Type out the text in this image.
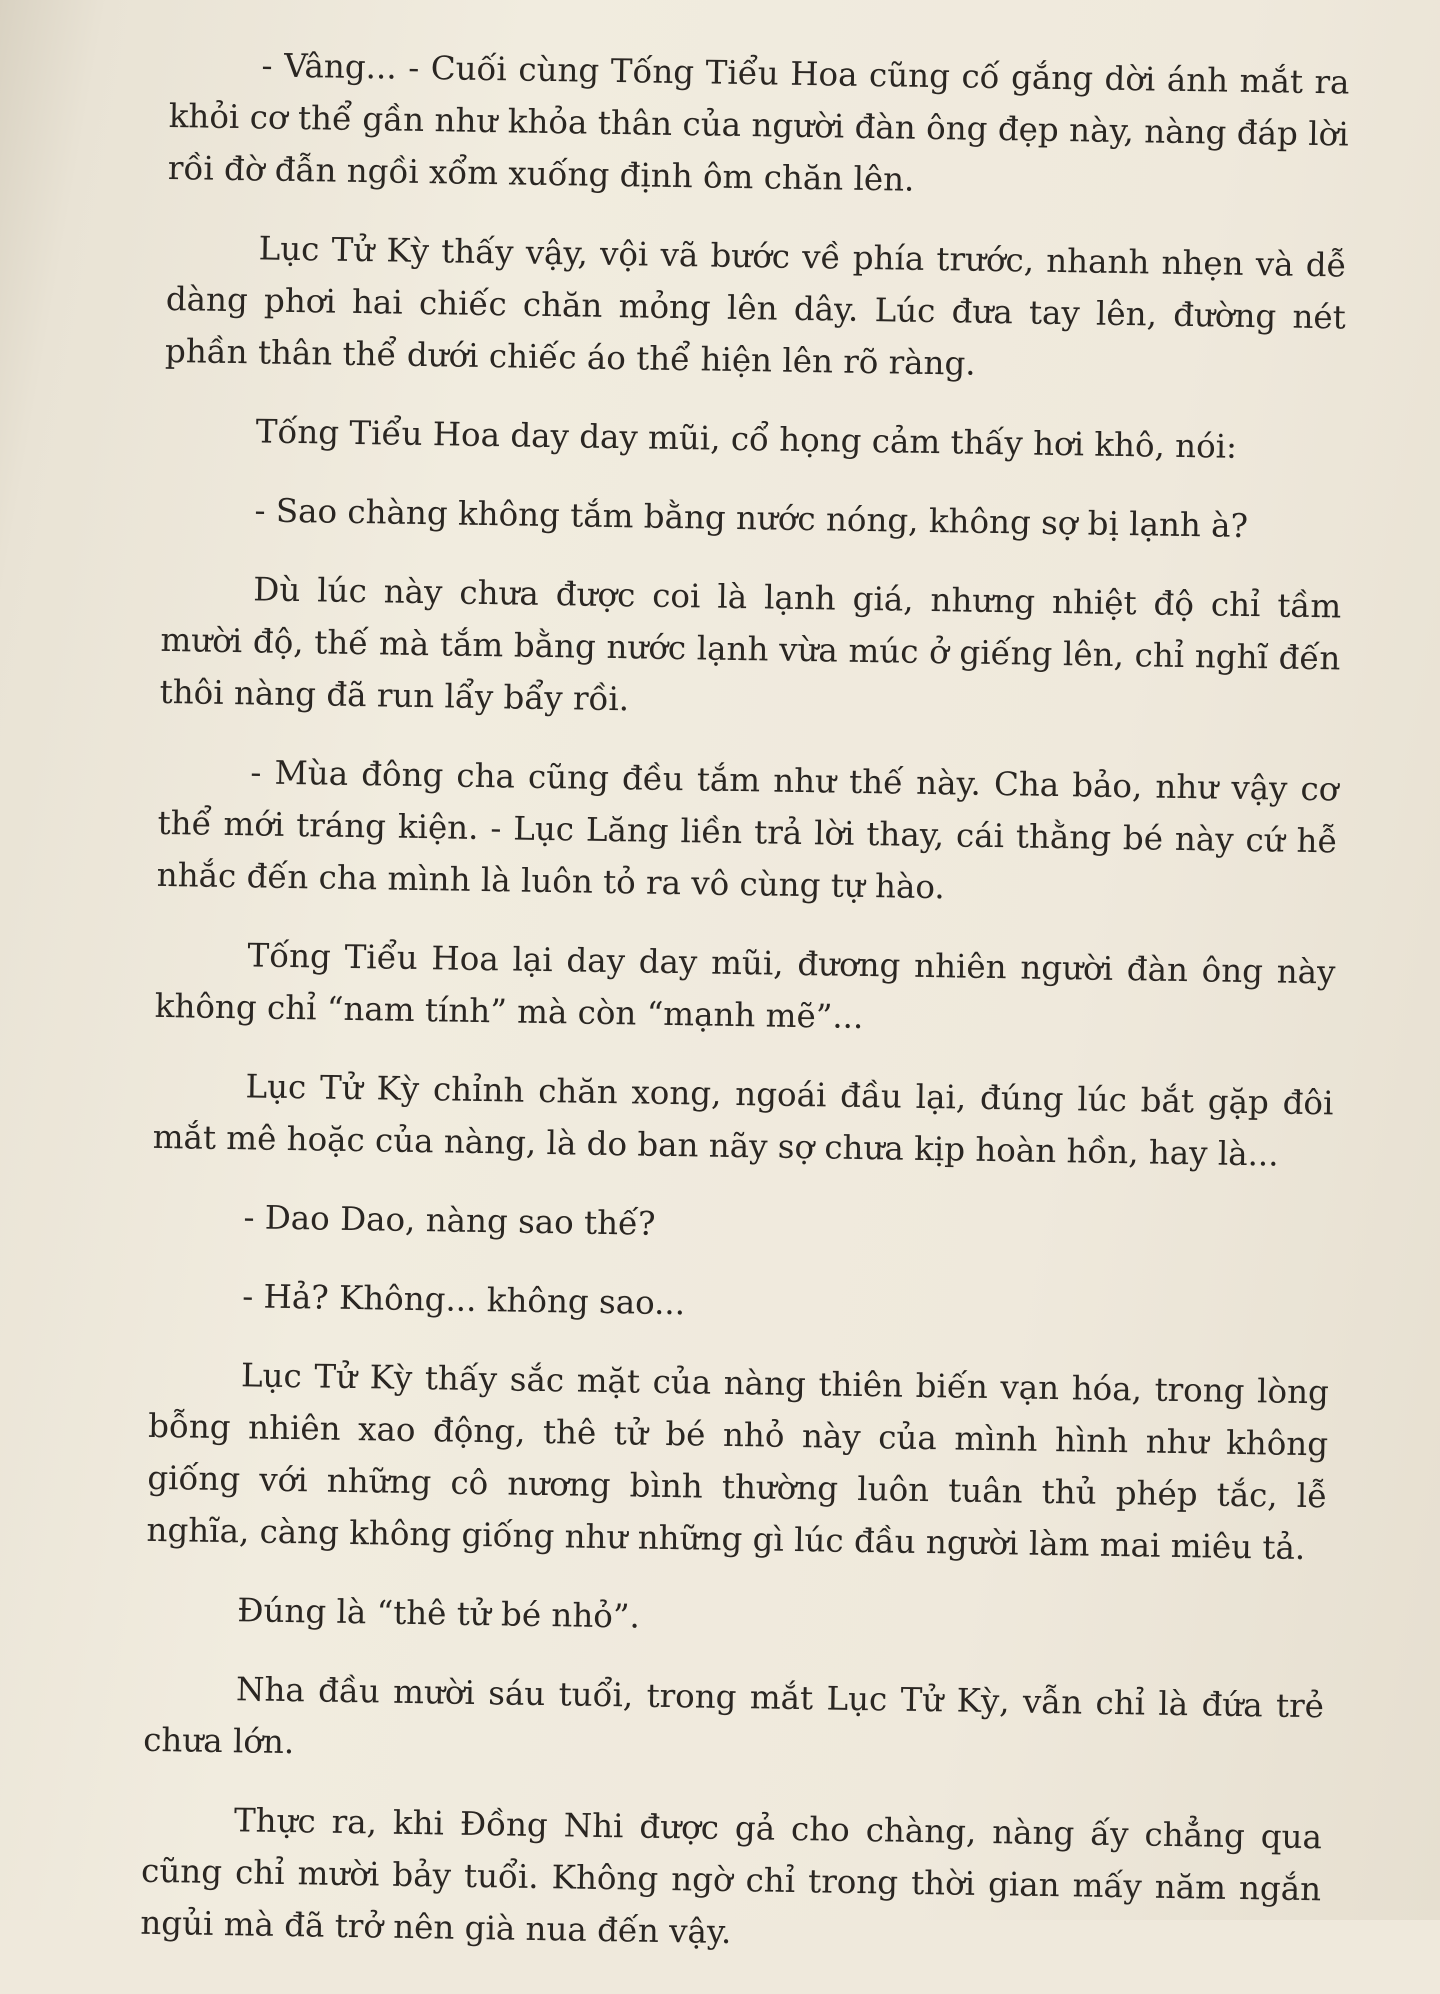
- Vâng... - Cuối cùng Tống Tiểu Hoa cũng cố gắng dời ánh mắt ra khỏi cơ thể gần như khỏa thân của người đàn ông đẹp này, nàng đáp lời rồi đờ đẫn ngồi xổm xuống định ôm chăn lên.

Lục Tử Kỳ thấy vậy, vội vã bước về phía trước, nhanh nhẹn và dễ dàng phơi hai chiếc chăn mỏng lên dây. Lúc đưa tay lên, đường nét phần thân thể dưới chiếc áo thể hiện lên rõ ràng.

Tống Tiểu Hoa day day mũi, cổ họng cảm thấy hơi khô, nói:

- Sao chàng không tắm bằng nước nóng, không sợ bị lạnh à?

Dù lúc này chưa được coi là lạnh giá, nhưng nhiệt độ chỉ tầm mười độ, thế mà tắm bằng nước lạnh vừa múc ở giếng lên, chỉ nghĩ đến thôi nàng đã run lẩy bẩy rồi.

- Mùa đông cha cũng đều tắm như thế này. Cha bảo, như vậy cơ thể mới tráng kiện. - Lục Lăng liền trả lời thay, cái thằng bé này cứ hễ nhắc đến cha mình là luôn tỏ ra vô cùng tự hào.

Tống Tiểu Hoa lại day day mũi, đương nhiên người đàn ông này không chỉ “nam tính” mà còn “mạnh mẽ”...

Lục Tử Kỳ chỉnh chăn xong, ngoái đầu lại, đúng lúc bắt gặp đôi mắt mê hoặc của nàng, là do ban nãy sợ chưa kịp hoàn hồn, hay là...

- Dao Dao, nàng sao thế?

- Hả? Không... không sao...

Lục Tử Kỳ thấy sắc mặt của nàng thiên biến vạn hóa, trong lòng bỗng nhiên xao động, thê tử bé nhỏ này của mình hình như không giống với những cô nương bình thường luôn tuân thủ phép tắc, lễ nghĩa, càng không giống như những gì lúc đầu người làm mai miêu tả.

Đúng là “thê tử bé nhỏ”.

Nha đầu mười sáu tuổi, trong mắt Lục Tử Kỳ, vẫn chỉ là đứa trẻ chưa lớn.

Thực ra, khi Đồng Nhi được gả cho chàng, nàng ấy chẳng qua cũng chỉ mười bảy tuổi. Không ngờ chỉ trong thời gian mấy năm ngắn ngủi mà đã trở nên già nua đến vậy.
